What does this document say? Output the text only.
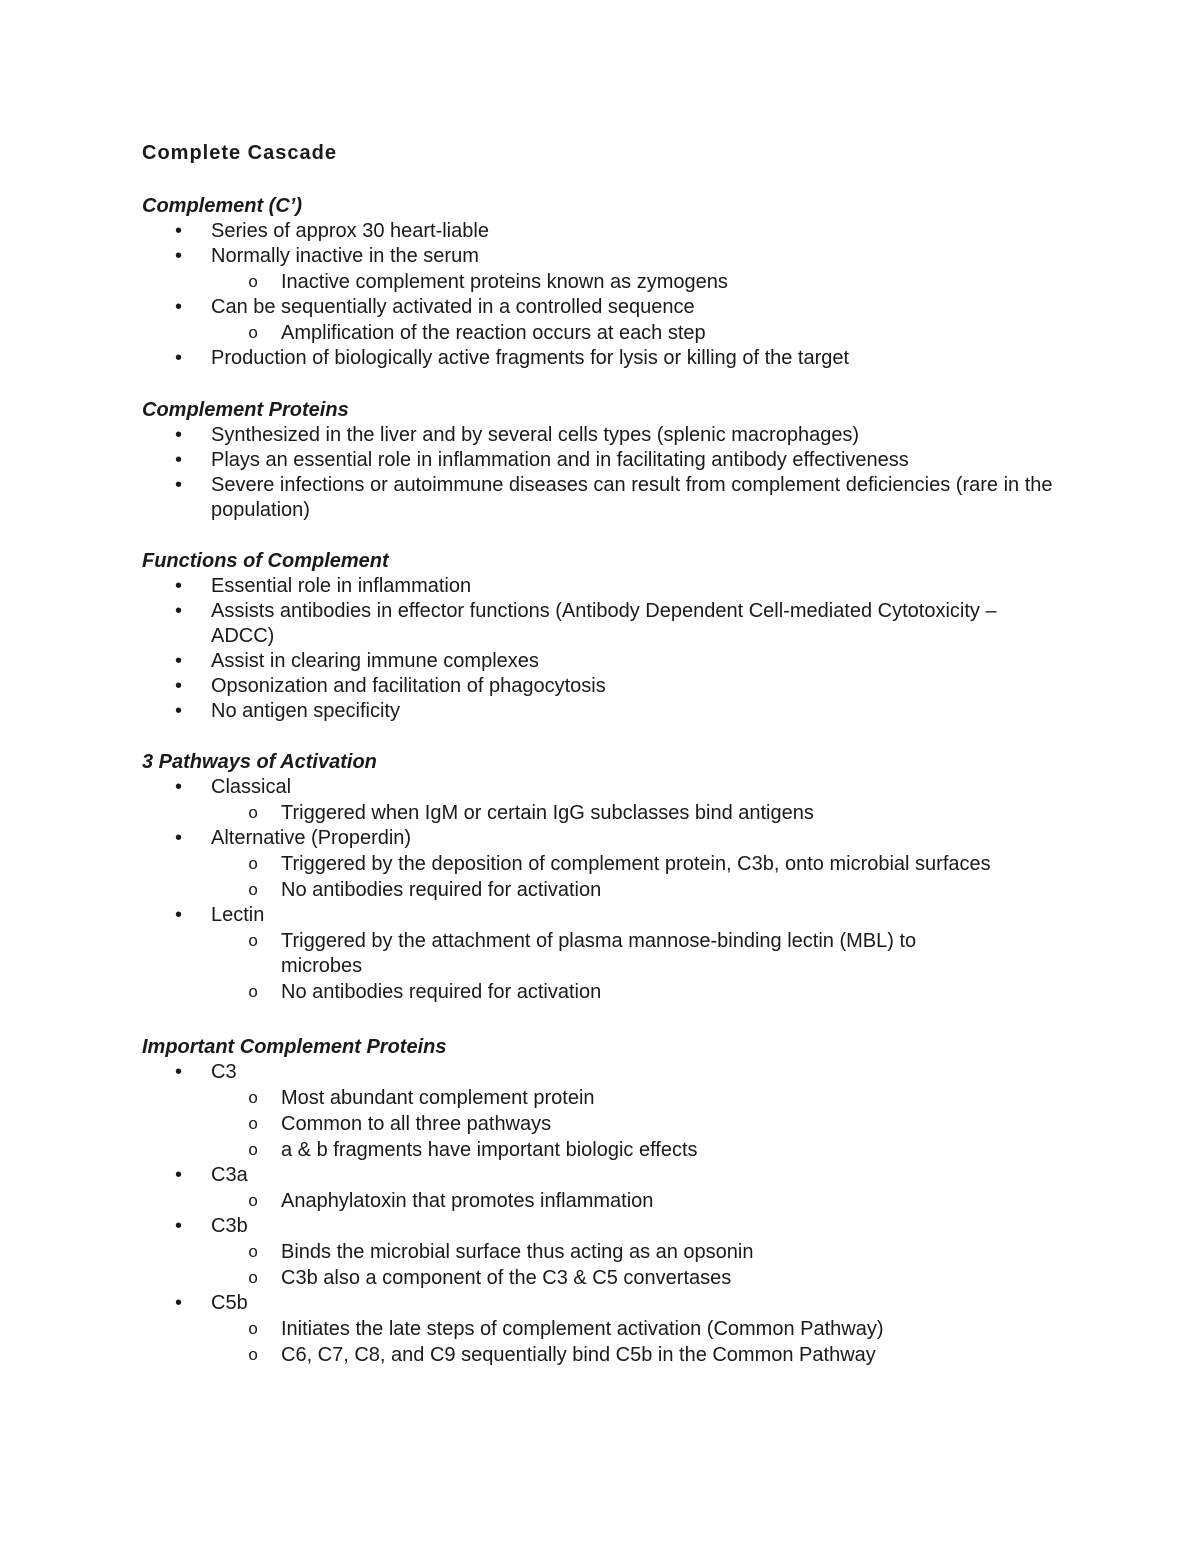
Complete Cascade
Complement (C’)
• Series of approx 30 heart-liable
• Normally inactive in the serum
o Inactive complement proteins known as zymogens
• Can be sequentially activated in a controlled sequence
o Amplification of the reaction occurs at each step
• Production of biologically active fragments for lysis or killing of the target
Complement Proteins
• Synthesized in the liver and by several cells types (splenic macrophages)
• Plays an essential role in inflammation and in facilitating antibody effectiveness
• Severe infections or autoimmune diseases can result from complement deficiencies (rare in the population)
Functions of Complement
• Essential role in inflammation
• Assists antibodies in effector functions (Antibody Dependent Cell-mediated Cytotoxicity – ADCC)
• Assist in clearing immune complexes
• Opsonization and facilitation of phagocytosis
• No antigen specificity
3 Pathways of Activation
• Classical
o Triggered when IgM or certain IgG subclasses bind antigens
• Alternative (Properdin)
o Triggered by the deposition of complement protein, C3b, onto microbial surfaces
o No antibodies required for activation
• Lectin
o Triggered by the attachment of plasma mannose-binding lectin (MBL) to microbes
o No antibodies required for activation
Important Complement Proteins
• C3
o Most abundant complement protein
o Common to all three pathways
o a & b fragments have important biologic effects
• C3a
o Anaphylatoxin that promotes inflammation
• C3b
o Binds the microbial surface thus acting as an opsonin
o C3b also a component of the C3 & C5 convertases
• C5b
o Initiates the late steps of complement activation (Common Pathway)
o C6, C7, C8, and C9 sequentially bind C5b in the Common Pathway
